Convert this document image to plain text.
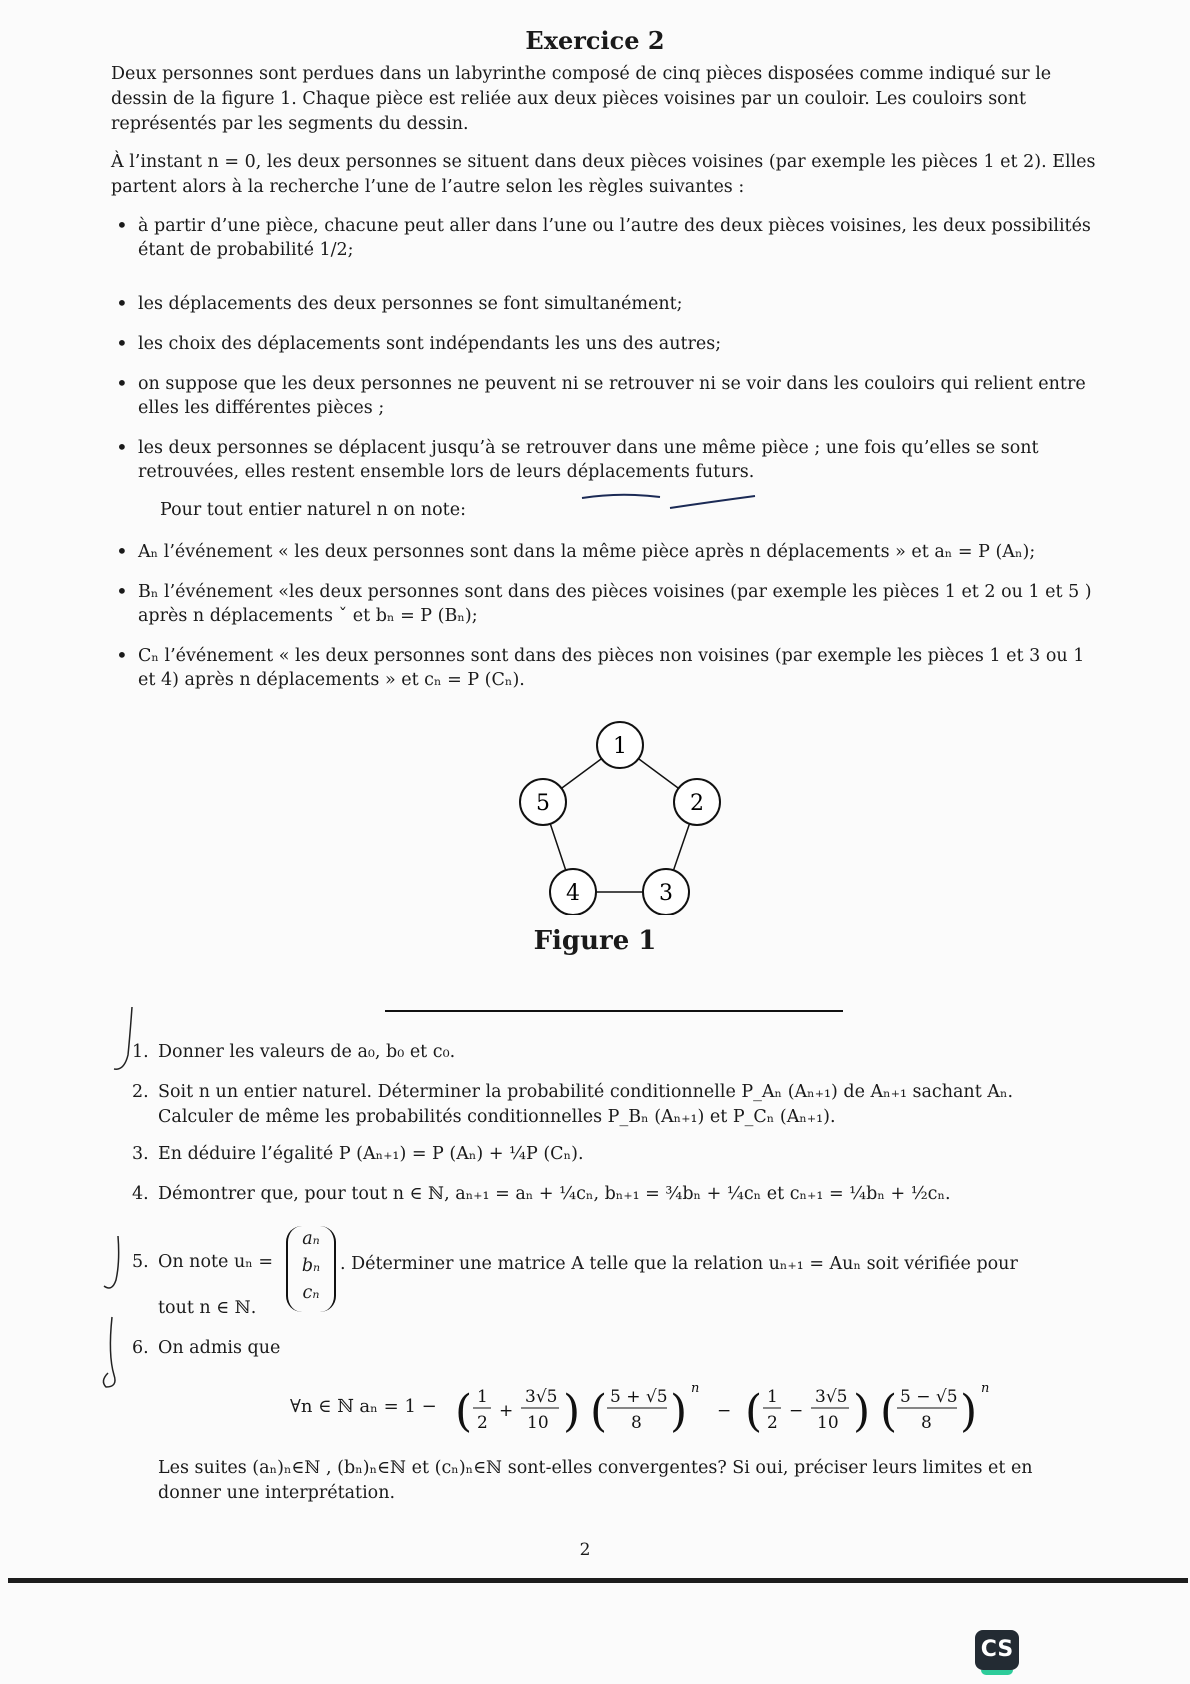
Exercice 2
Deux personnes sont perdues dans un labyrinthe composé de cinq pièces disposées comme indiqué sur le dessin de la figure 1. Chaque pièce est reliée aux deux pièces voisines par un couloir. Les couloirs sont représentés par les segments du dessin.
À l’instant n = 0, les deux personnes se situent dans deux pièces voisines (par exemple les pièces 1 et 2). Elles partent alors à la recherche l’une de l’autre selon les règles suivantes :
• à partir d’une pièce, chacune peut aller dans l’une ou l’autre des deux pièces voisines, les deux possibilités étant de probabilité 1/2;
• les déplacements des deux personnes se font simultanément;
• les choix des déplacements sont indépendants les uns des autres;
• on suppose que les deux personnes ne peuvent ni se retrouver ni se voir dans les couloirs qui relient entre elles les différentes pièces ;
• les deux personnes se déplacent jusqu’à se retrouver dans une même pièce ; une fois qu’elles se sont retrouvées, elles restent ensemble lors de leurs déplacements futurs.
Pour tout entier naturel n on note:
• Aₙ l’événement « les deux personnes sont dans la même pièce après n déplacements » et aₙ = P (Aₙ);
• Bₙ l’événement «les deux personnes sont dans des pièces voisines (par exemple les pièces 1 et 2 ou 1 et 5 ) après n déplacements ˇ et bₙ = P (Bₙ);
• Cₙ l’événement « les deux personnes sont dans des pièces non voisines (par exemple les pièces 1 et 3 ou 1 et 4) après n déplacements » et cₙ = P (Cₙ).
1
2
3
4
5
Figure 1
1. Donner les valeurs de a₀, b₀ et c₀.
2. Soit n un entier naturel. Déterminer la probabilité conditionnelle P_Aₙ (Aₙ₊₁) de Aₙ₊₁ sachant Aₙ. Calculer de même les probabilités conditionnelles P_Bₙ (Aₙ₊₁) et P_Cₙ (Aₙ₊₁).
3. En déduire l’égalité P (Aₙ₊₁) = P (Aₙ) + ¼P (Cₙ).
4. Démontrer que, pour tout n ∈ ℕ, aₙ₊₁ = aₙ + ¼cₙ, bₙ₊₁ = ¾bₙ + ¼cₙ et cₙ₊₁ = ¼bₙ + ½cₙ.
5. On note uₙ =
aₙ
bₙ
cₙ
. Déterminer une matrice A telle que la relation uₙ₊₁ = Auₙ soit vérifiée pour
tout n ∈ ℕ.
6. On admis que
∀n ∈ ℕ aₙ = 1 − ( 1
2
+
3√5
10 ) ( 5 + √5
8 ) n
− ( 1
2
−
3√5
10 ) ( 5 − √5
8 ) n
Les suites (aₙ)ₙ∈ℕ , (bₙ)ₙ∈ℕ et (cₙ)ₙ∈ℕ sont-elles convergentes? Si oui, préciser leurs limites et en donner une interprétation.
2
CS
